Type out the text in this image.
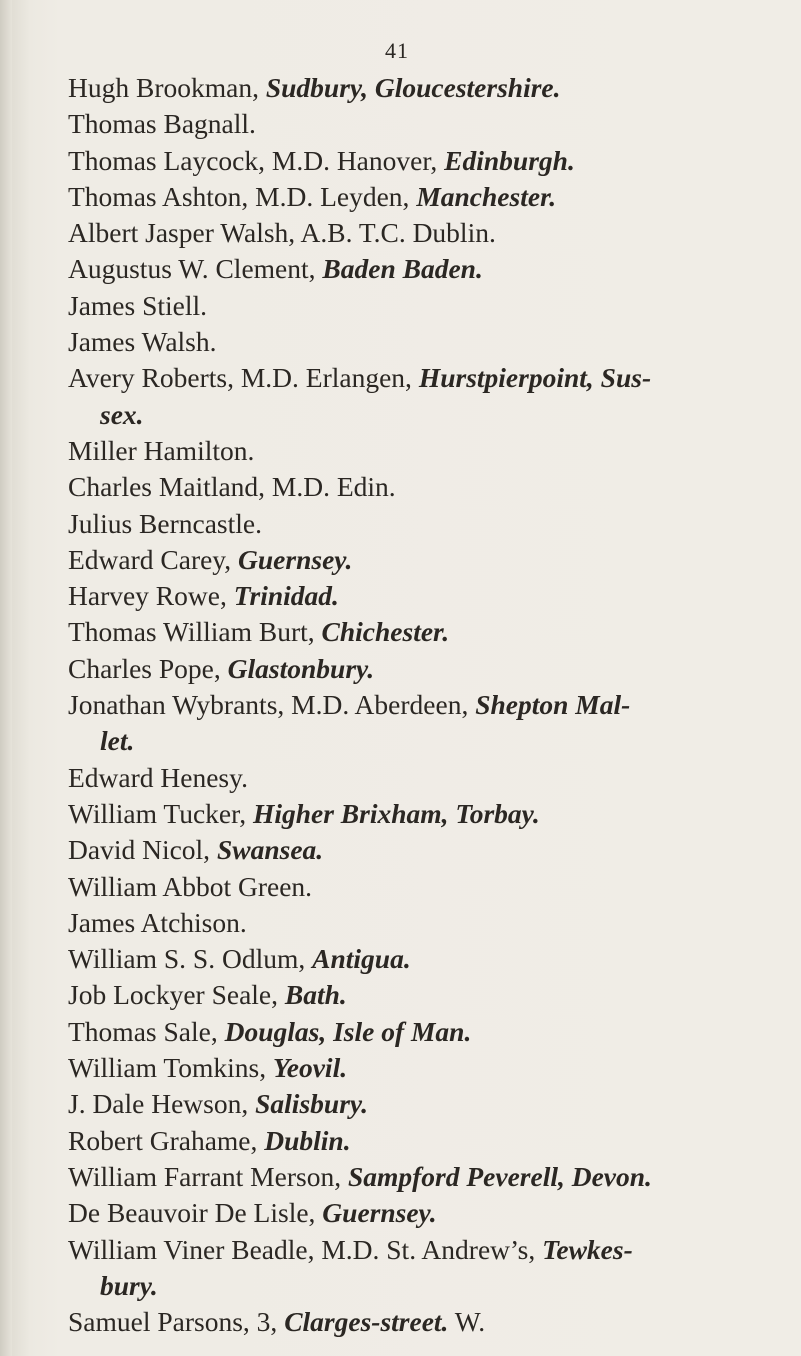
41

Hugh Brookman, Sudbury, Gloucestershire.

Thomas Bagnall.

Thomas Laycock, M.D. Hanover, Edinburgh.

Thomas Ashton, M.D. Leyden, Manchester.

Albert Jasper Walsh, A.B. T.C. Dublin.

Augustus W. Clement, Baden Baden.

James Stiell.

James Walsh.

Avery Roberts, M.D. Erlangen, Hurstpierpoint, Sus-

sex.

Miller Hamilton.

Charles Maitland, M.D. Edin.

Julius Berncastle.

Edward Carey, Guernsey.

Harvey Rowe, Trinidad.

Thomas William Burt, Chichester.

Charles Pope, Glastonbury.

Jonathan Wybrants, M.D. Aberdeen, Shepton Mal-

let.

Edward Henesy.

William Tucker, Higher Brixham, Torbay.

David Nicol, Swansea.

William Abbot Green.

James Atchison.

William S. S. Odlum, Antigua.

Job Lockyer Seale, Bath.

Thomas Sale, Douglas, Isle of Man.

William Tomkins, Yeovil.

J. Dale Hewson, Salisbury.

Robert Grahame, Dublin.

William Farrant Merson, Sampford Peverell, Devon.

De Beauvoir De Lisle, Guernsey.

William Viner Beadle, M.D. St. Andrew’s, Tewkes-

bury.

Samuel Parsons, 3, Clarges-street. W.
